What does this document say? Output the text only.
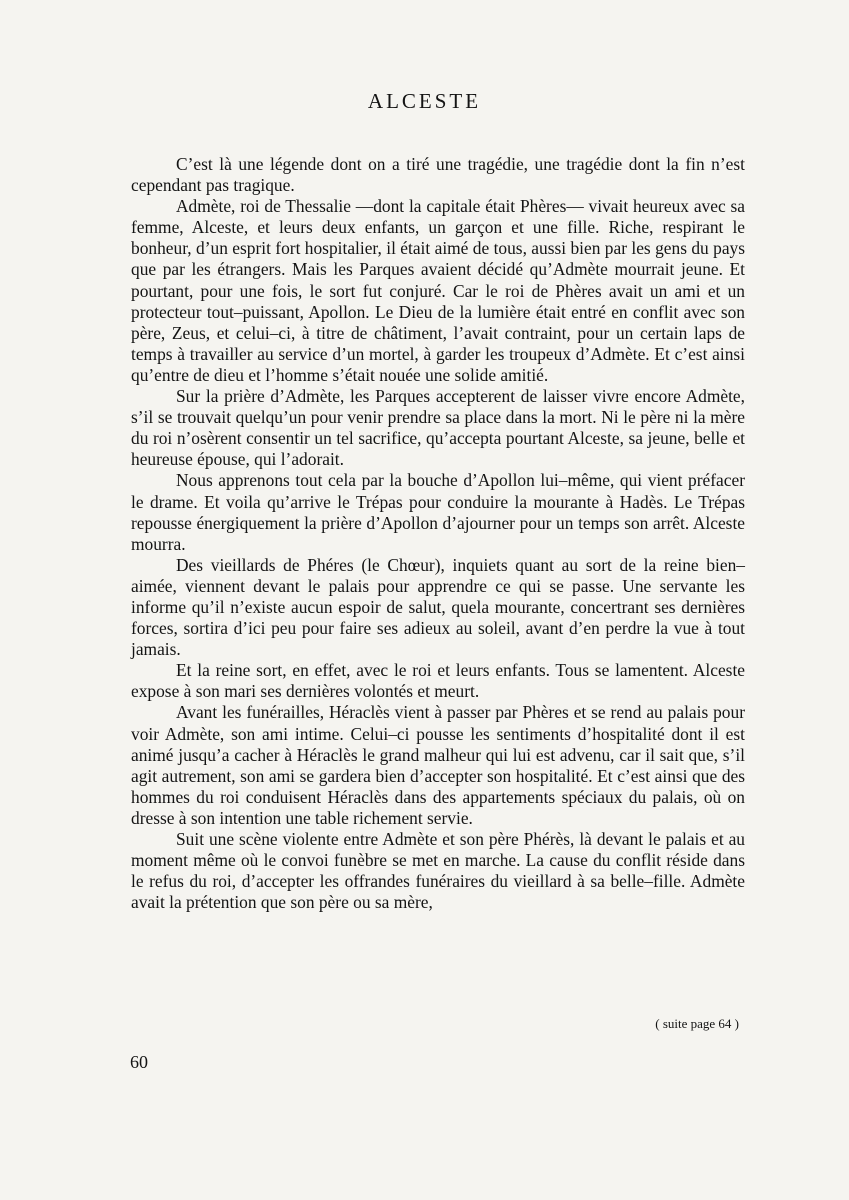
ALCESTE

C’est là une légende dont on a tiré une tragédie, une tragédie dont la fin n’est cependant pas tragique.

Admète, roi de Thessalie —dont la capitale était Phères— vivait heureux avec sa femme, Alceste, et leurs deux enfants, un garçon et une fille. Riche, respirant le bonheur, d’un esprit fort hospitalier, il était aimé de tous, aussi bien par les gens du pays que par les étrangers. Mais les Parques avaient décidé qu’Admète mourrait jeune. Et pourtant, pour une fois, le sort fut conjuré. Car le roi de Phères avait un ami et un protecteur tout–puissant, Apollon. Le Dieu de la lumière était entré en conflit avec son père, Zeus, et celui–ci, à titre de châtiment, l’avait contraint, pour un certain laps de temps à travailler au service d’un mortel, à garder les troupeux d’Admète. Et c’est ainsi qu’entre de dieu et l’homme s’était nouée une solide amitié.

Sur la prière d’Admète, les Parques accepterent de laisser vivre encore Admète, s’il se trouvait quelqu’un pour venir prendre sa place dans la mort. Ni le père ni la mère du roi n’osèrent consentir un tel sacrifice, qu’accepta pourtant Alceste, sa jeune, belle et heureuse épouse, qui l’adorait.

Nous apprenons tout cela par la bouche d’Apollon lui–même, qui vient préfacer le drame. Et voila qu’arrive le Trépas pour conduire la mourante à Hadès. Le Trépas repousse énergiquement la prière d’Apollon d’ajourner pour un temps son arrêt. Alceste mourra.

Des vieillards de Phéres (le Chœur), inquiets quant au sort de la reine bien–aimée, viennent devant le palais pour apprendre ce qui se passe. Une servante les informe qu’il n’existe aucun espoir de salut, quela mourante, concertrant ses dernières forces, sortira d’ici peu pour faire ses adieux au soleil, avant d’en perdre la vue à tout jamais.

Et la reine sort, en effet, avec le roi et leurs enfants. Tous se lamentent. Alceste expose à son mari ses dernières volontés et meurt.

Avant les funérailles, Héraclès vient à passer par Phères et se rend au palais pour voir Admète, son ami intime. Celui–ci pousse les sentiments d’hospitalité dont il est animé jusqu’a cacher à Héraclès le grand malheur qui lui est advenu, car il sait que, s’il agit autrement, son ami se gardera bien d’accepter son hospitalité. Et c’est ainsi que des hommes du roi conduisent Héraclès dans des appartements spéciaux du palais, où on dresse à son intention une table richement servie.

Suit une scène violente entre Admète et son père Phérès, là devant le palais et au moment même où le convoi funèbre se met en marche. La cause du conflit réside dans le refus du roi, d’accepter les offrandes funéraires du vieillard à sa belle–fille. Admète avait la prétention que son père ou sa mère,

( suite page 64 )

60
